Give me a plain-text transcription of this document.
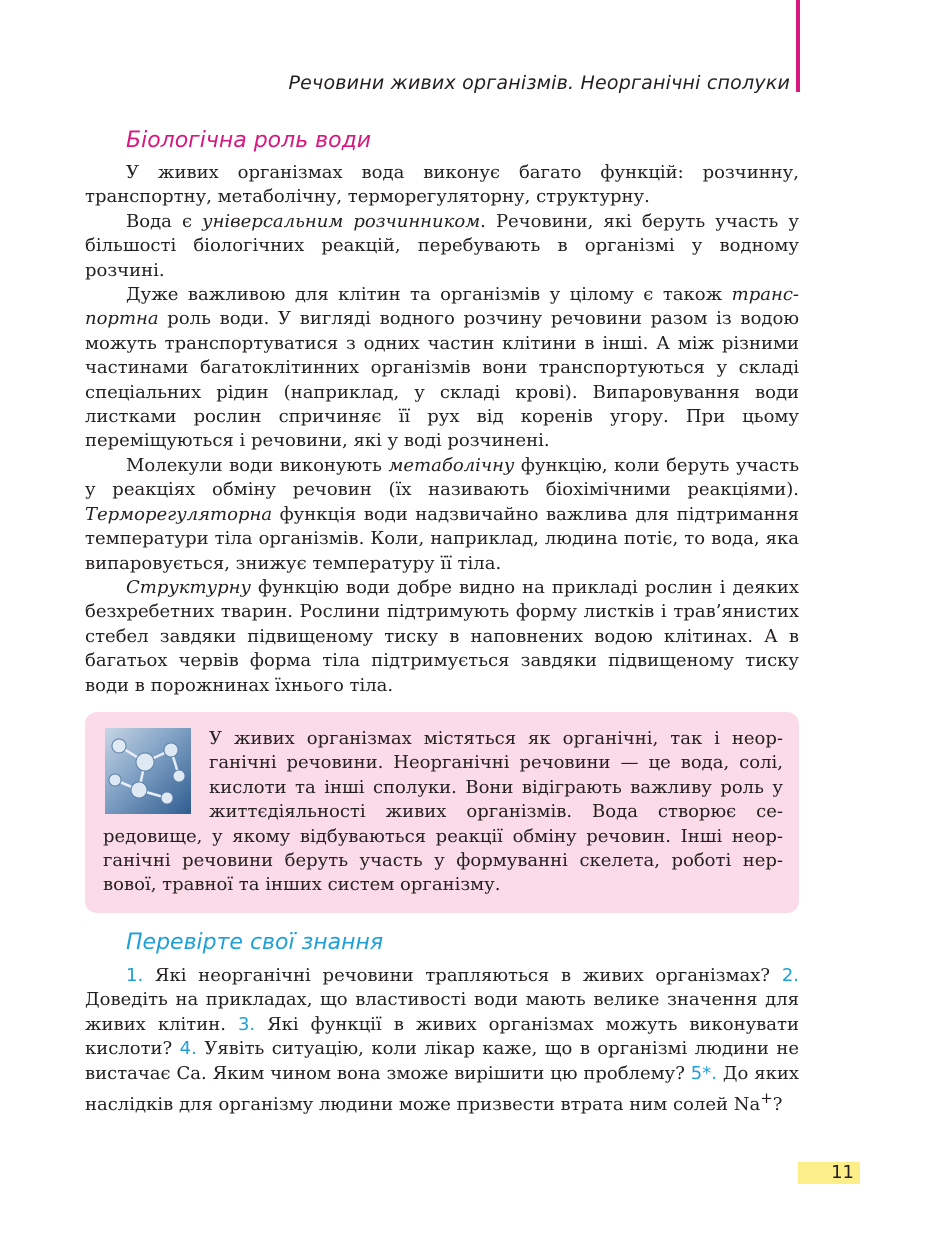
Речовини живих організмів. Неорганічні сполуки
Біологічна роль води

У живих організмах вода виконує багато функцій: розчинну, транспортну, метаболічну, терморегуляторну, структурну.

Вода є універсальним розчинником. Речовини, які беруть участь у більшості біологічних реакцій, перебувають в організмі у водному розчині.

Дуже важливою для клітин та організмів у цілому є також транспортна роль води. У вигляді водного розчину речовини разом із водою можуть транспортуватися з одних частин клітини в інші. А між різними частинами багатоклітинних організмів вони транспортуються у складі спеціальних рідин (наприклад, у складі крові). Випаровування води листками рослин спричиняє її рух від коренів угору. При цьому переміщуються і речовини, які у воді розчинені.

Молекули води виконують метаболічну функцію, коли беруть участь у реакціях обміну речовин (їх називають біохімічними реакціями). Терморегуляторна функція води надзвичайно важлива для підтримання температури тіла організмів. Коли, наприклад, людина потіє, то вода, яка випаровується, знижує температуру її тіла.

Структурну функцію води добре видно на прикладі рослин і деяких безхребетних тварин. Рослини підтримують форму листків і трав’янистих стебел завдяки підвищеному тиску в наповнених водою клітинах. А в багатьох червів форма тіла підтримується завдяки підвищеному тиску води в порожнинах їхнього тіла.

У живих організмах містяться як органічні, так і неорганічні речовини. Неорганічні речовини — це вода, солі, кислоти та інші сполуки. Вони відіграють важливу роль у життєдіяльності живих організмів. Вода створює середовище, у якому відбуваються реакції обміну речовин. Інші неорганічні речовини беруть участь у формуванні скелета, роботі нервової, травної та інших систем організму.
Перевірте свої знання

1. Які неорганічні речовини трапляються в живих організмах? 2. Доведіть на прикладах, що властивості води мають велике значення для живих клітин. 3. Які функції в живих організмах можуть виконувати кислоти? 4. Уявіть ситуацію, коли лікар каже, що в організмі людини не вистачає Са. Яким чином вона зможе вирішити цю проблему? 5*. До яких наслідків для організму людини може призвести втрата ним солей Na+?

11
